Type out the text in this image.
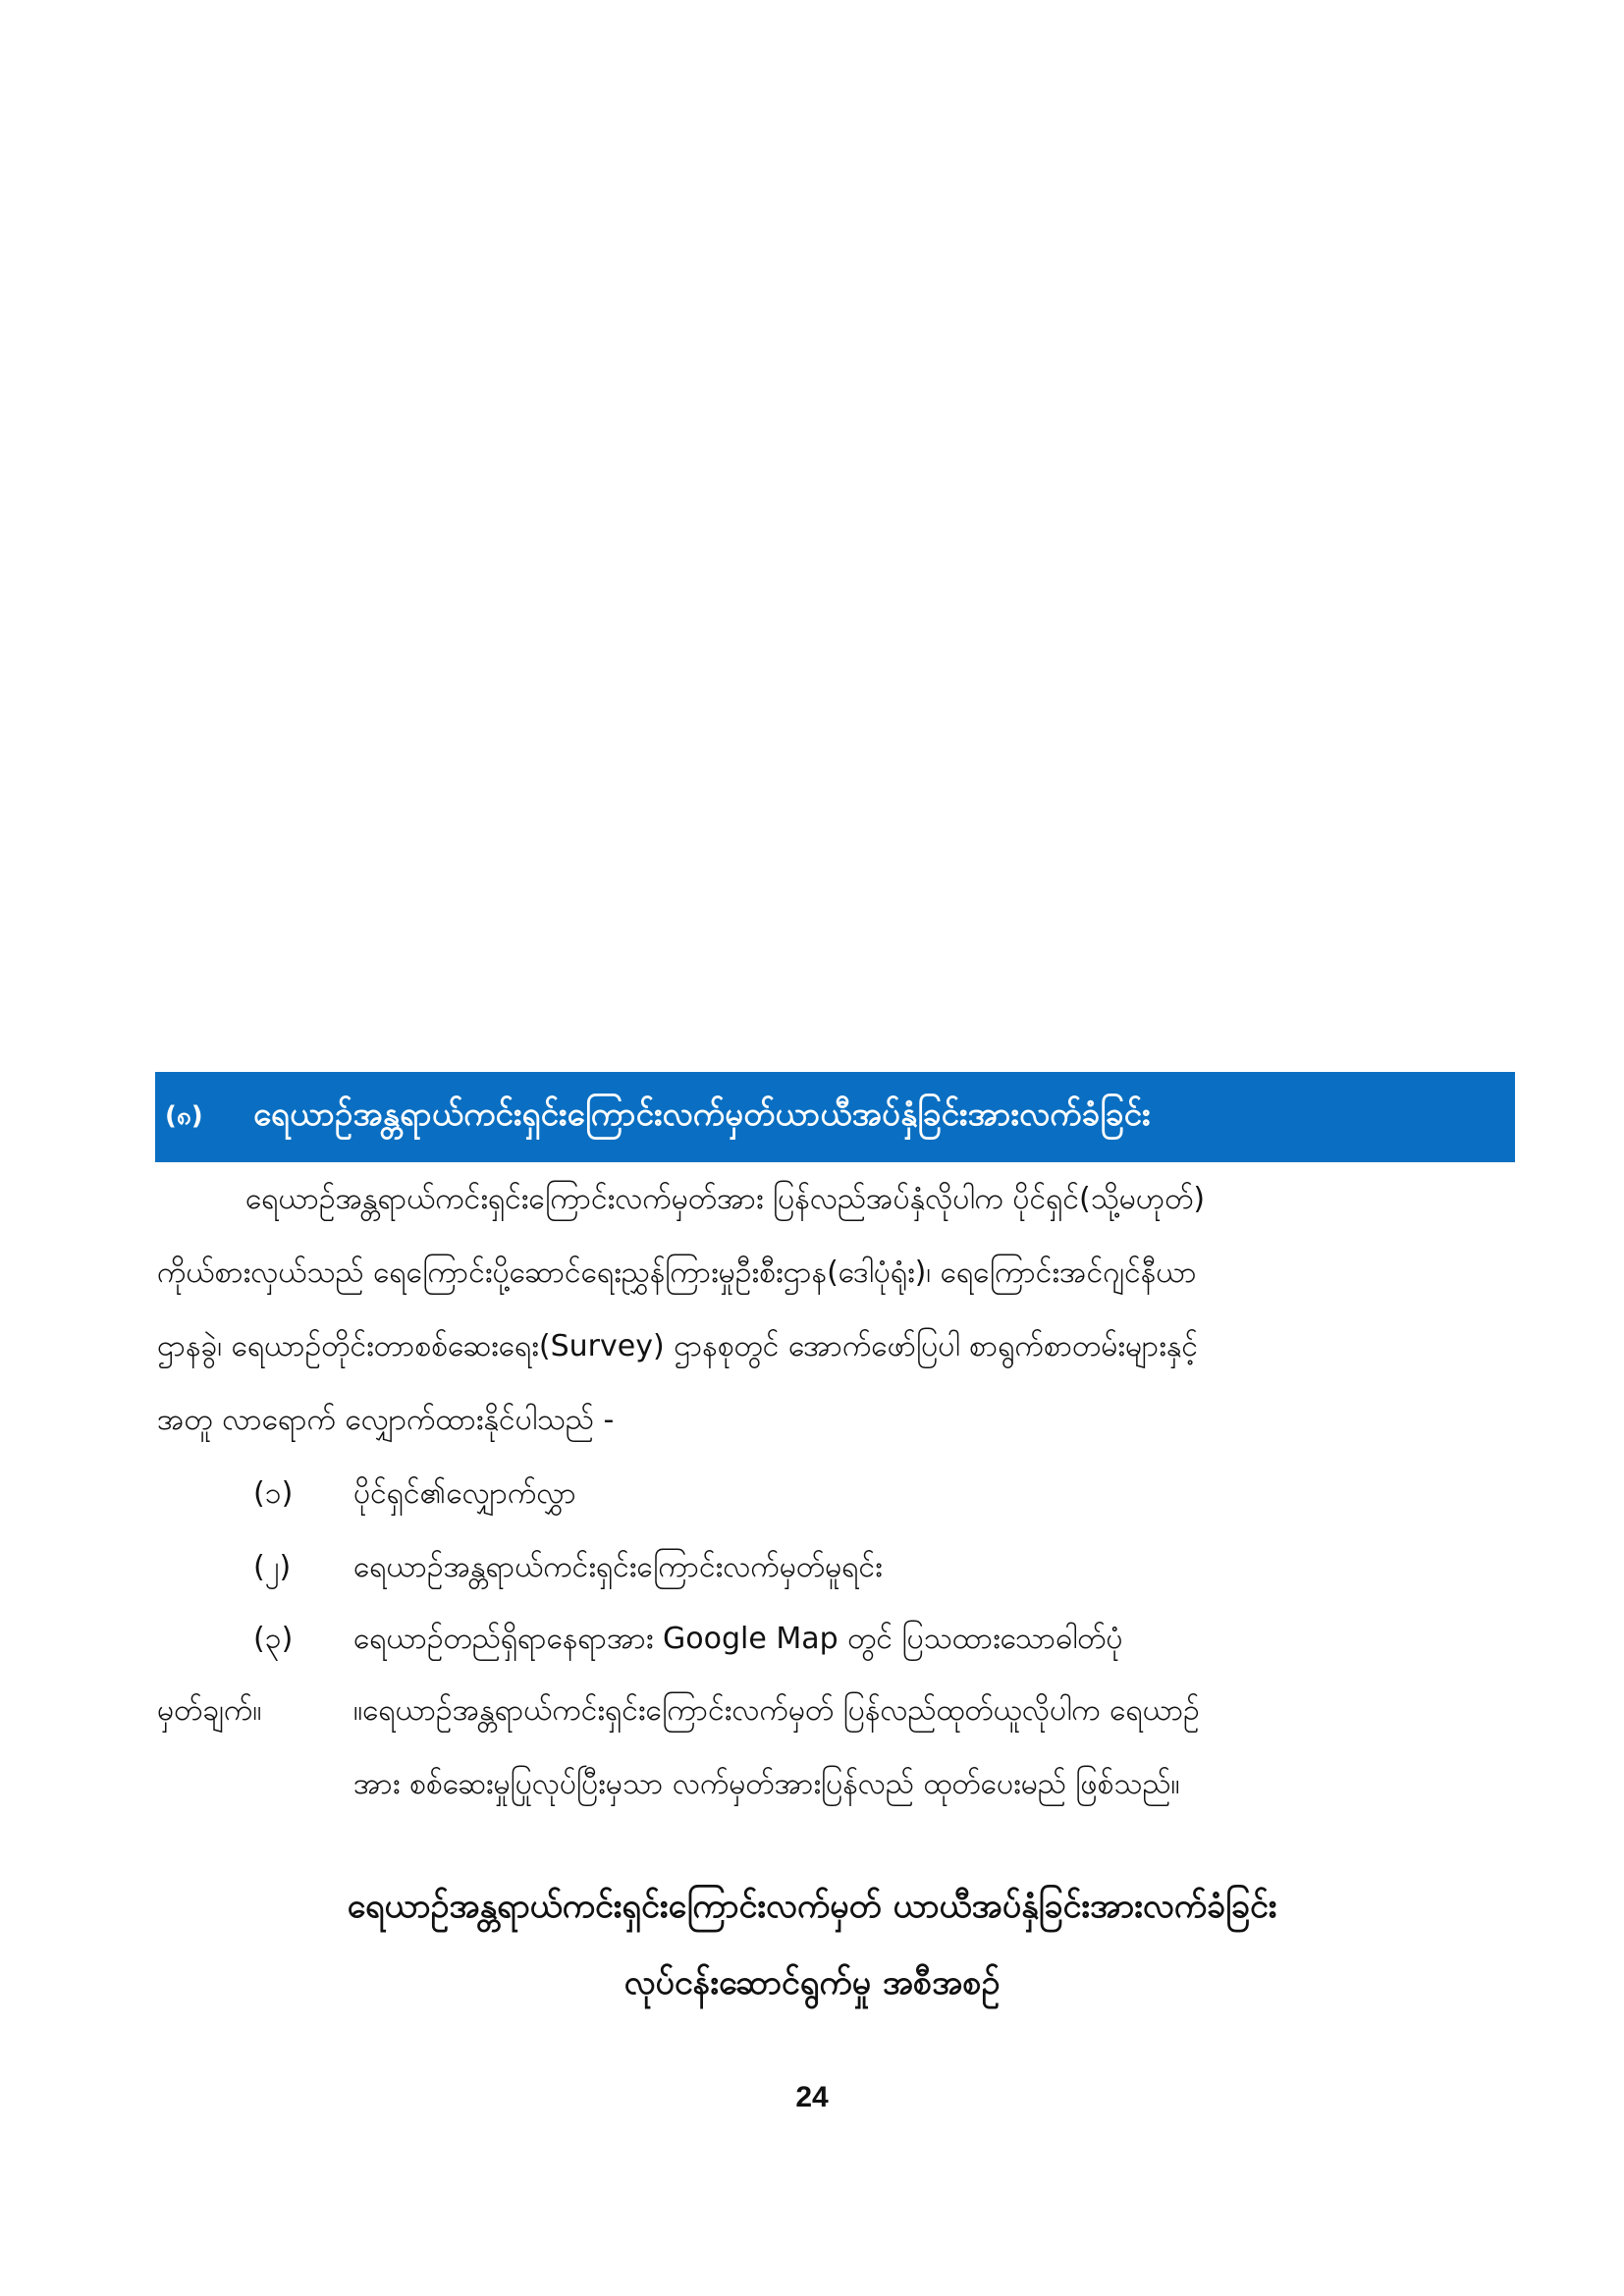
(၈)	ရေယာဉ်အန္တရာယ်ကင်းရှင်းကြောင်းလက်မှတ်ယာယီအပ်နှံခြင်းအားလက်ခံခြင်း
ရေယာဉ်အန္တရာယ်ကင်းရှင်းကြောင်းလက်မှတ်အား ပြန်လည်အပ်နှံလိုပါက ပိုင်ရှင်(သို့မဟုတ်)
ကိုယ်စားလှယ်သည် ရေကြောင်းပို့ဆောင်ရေးညွှန်ကြားမှုဦးစီးဌာန(ဒေါပုံရုံး)၊ ရေကြောင်းအင်ဂျင်နီယာ
ဌာနခွဲ၊ ရေယာဉ်တိုင်းတာစစ်ဆေးရေး(Survey) ဌာနစုတွင် အောက်ဖော်ပြပါ စာရွက်စာတမ်းများနှင့်
အတူ လာရောက် လျှောက်ထားနိုင်ပါသည် -
(၁) ပိုင်ရှင်၏လျှောက်လွှာ
(၂) ရေယာဉ်အန္တရာယ်ကင်းရှင်းကြောင်းလက်မှတ်မူရင်း
(၃) ရေယာဉ်တည်ရှိရာနေရာအား Google Map တွင် ပြသထားသောဓါတ်ပုံ
မှတ်ချက်။	။ရေယာဉ်အန္တရာယ်ကင်းရှင်းကြောင်းလက်မှတ် ပြန်လည်ထုတ်ယူလိုပါက ရေယာဉ်
အား စစ်ဆေးမှုပြုလုပ်ပြီးမှသာ လက်မှတ်အားပြန်လည် ထုတ်ပေးမည် ဖြစ်သည်။
ရေယာဉ်အန္တရာယ်ကင်းရှင်းကြောင်းလက်မှတ် ယာယီအပ်နှံခြင်းအားလက်ခံခြင်း
လုပ်ငန်းဆောင်ရွက်မှု အစီအစဉ်
24
